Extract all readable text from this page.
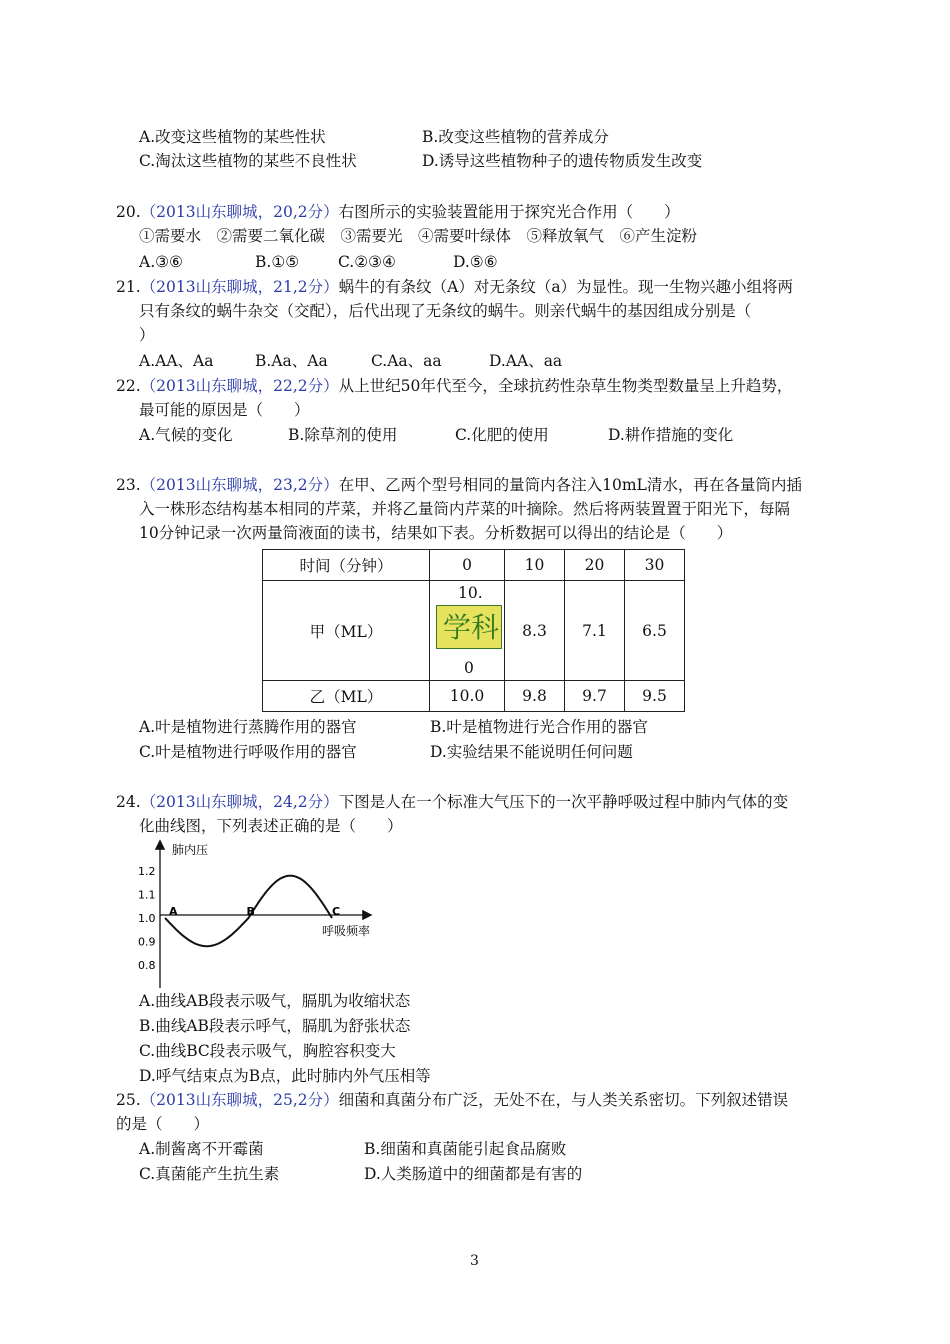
A.改变这些植物的某些性状	B.改变这些植物的营养成分
C.淘汰这些植物的某些不良性状	D.诱导这些植物种子的遗传物质发生改变
20.（2013山东聊城，20,2分）右图所示的实验装置能用于探究光合作用（　　）
①需要水　②需要二氧化碳　③需要光　④需要叶绿体　⑤释放氧气　⑥产生淀粉
A.③⑥	B.①⑤	C.②③④	D.⑤⑥
21.（2013山东聊城，21,2分）蜗牛的有条纹（A）对无条纹（a）为显性。现一生物兴趣小组将两
只有条纹的蜗牛杂交（交配），后代出现了无条纹的蜗牛。则亲代蜗牛的基因组成分别是（
）
A.AA、Aa	B.Aa、Aa	C.Aa、aa	D.AA、aa
22.（2013山东聊城，22,2分）从上世纪50年代至今，全球抗药性杂草生物类型数量呈上升趋势，
最可能的原因是（　　）
A.气候的变化	B.除草剂的使用	C.化肥的使用	D.耕作措施的变化
23.（2013山东聊城，23,2分）在甲、乙两个型号相同的量筒内各注入10mL清水，再在各量筒内插
入一株形态结构基本相同的芹菜，并将乙量筒内芹菜的叶摘除。然后将两装置置于阳光下，每隔
10分钟记录一次两量筒液面的读书，结果如下表。分析数据可以得出的结论是（　　）
时间（分钟）	0	10	20	30
甲（ML）	10.
学科
0	8.3	7.1	6.5
乙（ML）	10.0	9.8	9.7	9.5
A.叶是植物进行蒸腾作用的器官	B.叶是植物进行光合作用的器官
C.叶是植物进行呼吸作用的器官	D.实验结果不能说明任何问题
24.（2013山东聊城，24,2分）下图是人在一个标准大气压下的一次平静呼吸过程中肺内气体的变
化曲线图，下列表述正确的是（　　）
肺内压
呼吸频率
1.2
1.1
1.0
0.9
0.8
A	B	C
A.曲线AB段表示吸气，膈肌为收缩状态
B.曲线AB段表示呼气，膈肌为舒张状态
C.曲线BC段表示吸气，胸腔容积变大
D.呼气结束点为B点，此时肺内外气压相等
25.（2013山东聊城，25,2分）细菌和真菌分布广泛，无处不在，与人类关系密切。下列叙述错误
的是（　　）
A.制酱离不开霉菌	B.细菌和真菌能引起食品腐败
C.真菌能产生抗生素	D.人类肠道中的细菌都是有害的
3
